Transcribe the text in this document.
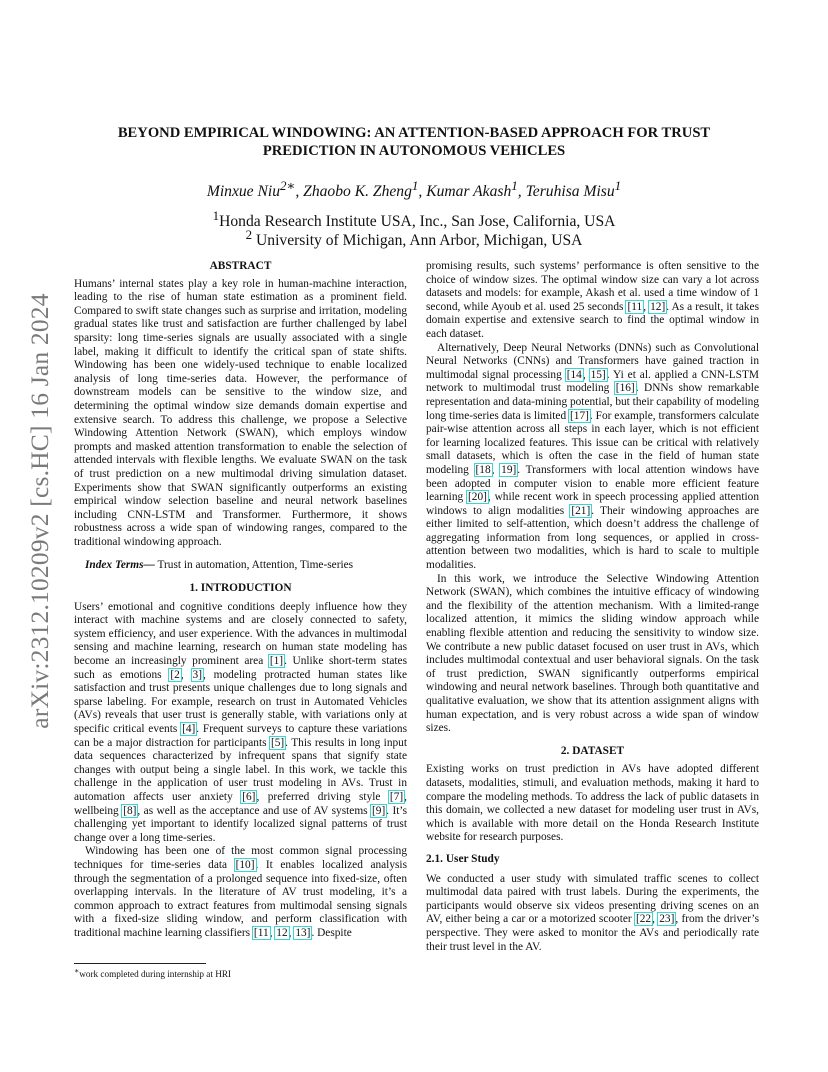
arXiv:2312.10209v2 [cs.HC] 16 Jan 2024
BEYOND EMPIRICAL WINDOWING: AN ATTENTION-BASED APPROACH FOR TRUST
PREDICTION IN AUTONOMOUS VEHICLES
Minxue Niu$^{2∗}$, Zhaobo K. Zheng$^1$, Kumar Akash$^1$, Teruhisa Misu$^1$
$^1$Honda Research Institute USA, Inc., San Jose, California, USA
$^2$ University of Michigan, Ann Arbor, Michigan, USA
ABSTRACT

Humans’ internal states play a key role in human-machine interaction, leading to the rise of human state estimation as a prominent field. Compared to swift state changes such as surprise and irritation, modeling gradual states like trust and satisfaction are further challenged by label sparsity: long time-series signals are usually associated with a single label, making it difficult to identify the critical span of state shifts. Windowing has been one widely-used technique to enable localized analysis of long time-series data. However, the performance of downstream models can be sensitive to the window size, and determining the optimal window size demands domain expertise and extensive search. To address this challenge, we propose a Selective Windowing Attention Network (SWAN), which employs window prompts and masked attention transformation to enable the selection of attended intervals with flexible lengths. We evaluate SWAN on the task of trust prediction on a new multimodal driving simulation dataset. Experiments show that SWAN significantly outperforms an existing empirical window selection baseline and neural network baselines including CNN-LSTM and Transformer. Furthermore, it shows robustness across a wide span of windowing ranges, compared to the traditional windowing approach.

Index Terms— Trust in automation, Attention, Time-series

1. INTRODUCTION

Users’ emotional and cognitive conditions deeply influence how they interact with machine systems and are closely connected to safety, system efficiency, and user experience. With the advances in multimodal sensing and machine learning, research on human state modeling has become an increasingly prominent area [1]. Unlike short-term states such as emotions [2, 3], modeling protracted human states like satisfaction and trust presents unique challenges due to long signals and sparse labeling. For example, research on trust in Automated Vehicles (AVs) reveals that user trust is generally stable, with variations only at specific critical events [4]. Frequent surveys to capture these variations can be a major distraction for participants [5]. This results in long input data sequences characterized by infrequent spans that signify state changes with output being a single label. In this work, we tackle this challenge in the application of user trust modeling in AVs. Trust in automation affects user anxiety [6], preferred driving style [7], wellbeing [8], as well as the acceptance and use of AV systems [9]. It’s challenging yet important to identify localized signal patterns of trust change over a long time-series.

Windowing has been one of the most common signal processing techniques for time-series data [10]. It enables localized analysis through the segmentation of a prolonged sequence into fixed-size, often overlapping intervals. In the literature of AV trust modeling, it’s a common approach to extract features from multimodal sensing signals with a fixed-size sliding window, and perform classification with traditional machine learning classifiers [11, 12, 13]. Despite

promising results, such systems’ performance is often sensitive to the choice of window sizes. The optimal window size can vary a lot across datasets and models: for example, Akash et al. used a time window of 1 second, while Ayoub et al. used 25 seconds [11, 12]. As a result, it takes domain expertise and extensive search to find the optimal window in each dataset.

Alternatively, Deep Neural Networks (DNNs) such as Convolutional Neural Networks (CNNs) and Transformers have gained traction in multimodal signal processing [14, 15]. Yi et al. applied a CNN-LSTM network to multimodal trust modeling [16]. DNNs show remarkable representation and data-mining potential, but their capability of modeling long time-series data is limited [17]. For example, transformers calculate pair-wise attention across all steps in each layer, which is not efficient for learning localized features. This issue can be critical with relatively small datasets, which is often the case in the field of human state modeling [18, 19]. Transformers with local attention windows have been adopted in computer vision to enable more efficient feature learning [20], while recent work in speech processing applied attention windows to align modalities [21]. Their windowing approaches are either limited to self-attention, which doesn’t address the challenge of aggregating information from long sequences, or applied in cross-attention between two modalities, which is hard to scale to multiple modalities.

In this work, we introduce the Selective Windowing Attention Network (SWAN), which combines the intuitive efficacy of windowing and the flexibility of the attention mechanism. With a limited-range localized attention, it mimics the sliding window approach while enabling flexible attention and reducing the sensitivity to window size. We contribute a new public dataset focused on user trust in AVs, which includes multimodal contextual and user behavioral signals. On the task of trust prediction, SWAN significantly outperforms empirical windowing and neural network baselines. Through both quantitative and qualitative evaluation, we show that its attention assignment aligns with human expectation, and is very robust across a wide span of window sizes.

2. DATASET

Existing works on trust prediction in AVs have adopted different datasets, modalities, stimuli, and evaluation methods, making it hard to compare the modeling methods. To address the lack of public datasets in this domain, we collected a new dataset for modeling user trust in AVs, which is available with more detail on the Honda Research Institute website for research purposes.

2.1. User Study

We conducted a user study with simulated traffic scenes to collect multimodal data paired with trust labels. During the experiments, the participants would observe six videos presenting driving scenes on an AV, either being a car or a motorized scooter [22, 23], from the driver’s perspective. They were asked to monitor the AVs and periodically rate their trust level in the AV.

∗work completed during internship at HRI
